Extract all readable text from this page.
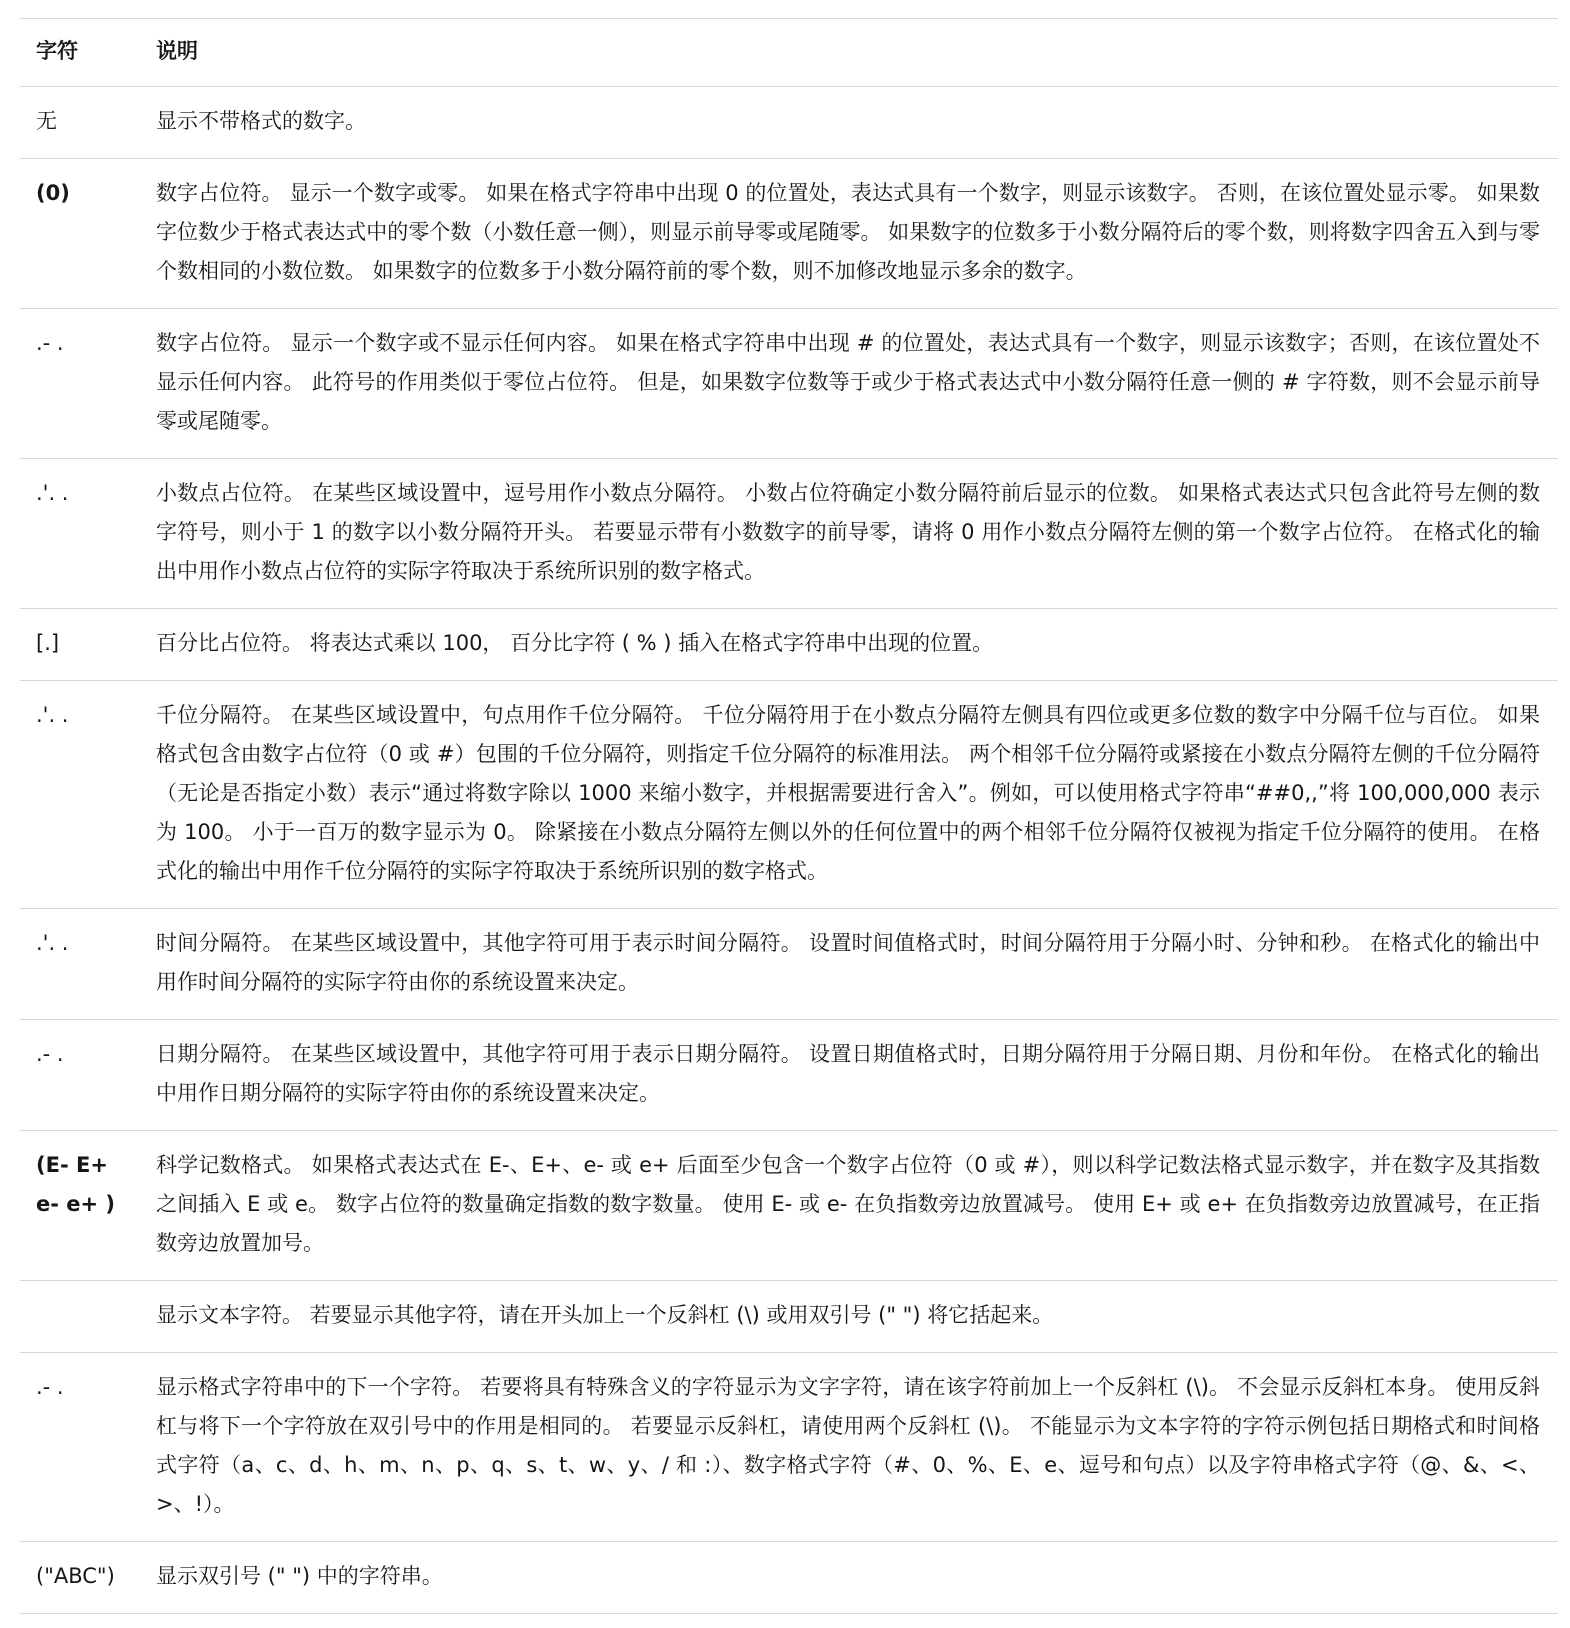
字符	说明
无	显示不带格式的数字。
(0)	数字占位符。 显示一个数字或零。 如果在格式字符串中出现 0 的位置处，表达式具有一个数字，则显示该数字。 否则，在该位置处显示零。 如果数字位数少于格式表达式中的零个数（小数任意一侧），则显示前导零或尾随零。 如果数字的位数多于小数分隔符后的零个数，则将数字四舍五入到与零个数相同的小数位数。 如果数字的位数多于小数分隔符前的零个数，则不加修改地显示多余的数字。
.- .	数字占位符。 显示一个数字或不显示任何内容。 如果在格式字符串中出现 # 的位置处，表达式具有一个数字，则显示该数字；否则，在该位置处不显示任何内容。 此符号的作用类似于零位占位符。 但是，如果数字位数等于或少于格式表达式中小数分隔符任意一侧的 # 字符数，则不会显示前导零或尾随零。
.'. .	小数点占位符。 在某些区域设置中，逗号用作小数点分隔符。 小数占位符确定小数分隔符前后显示的位数。 如果格式表达式只包含此符号左侧的数字符号，则小于 1 的数字以小数分隔符开头。 若要显示带有小数数字的前导零，请将 0 用作小数点分隔符左侧的第一个数字占位符。 在格式化的输出中用作小数点占位符的实际字符取决于系统所识别的数字格式。
[.]	百分比占位符。 将表达式乘以 100， 百分比字符 ( % ) 插入在格式字符串中出现的位置。
.'. .	千位分隔符。 在某些区域设置中，句点用作千位分隔符。 千位分隔符用于在小数点分隔符左侧具有四位或更多位数的数字中分隔千位与百位。 如果格式包含由数字占位符（0 或 #）包围的千位分隔符，则指定千位分隔符的标准用法。 两个相邻千位分隔符或紧接在小数点分隔符左侧的千位分隔符（无论是否指定小数）表示“通过将数字除以 1000 来缩小数字，并根据需要进行舍入”。例如，可以使用格式字符串“##0,,”将 100,000,000 表示为 100。 小于一百万的数字显示为 0。 除紧接在小数点分隔符左侧以外的任何位置中的两个相邻千位分隔符仅被视为指定千位分隔符的使用。 在格式化的输出中用作千位分隔符的实际字符取决于系统所识别的数字格式。
.'. .	时间分隔符。 在某些区域设置中，其他字符可用于表示时间分隔符。 设置时间值格式时，时间分隔符用于分隔小时、分钟和秒。 在格式化的输出中用作时间分隔符的实际字符由你的系统设置来决定。
.- .	日期分隔符。 在某些区域设置中，其他字符可用于表示日期分隔符。 设置日期值格式时，日期分隔符用于分隔日期、月份和年份。 在格式化的输出中用作日期分隔符的实际字符由你的系统设置来决定。
(E- E+
e- e+ )	科学记数格式。 如果格式表达式在 E-、E+、e- 或 e+ 后面至少包含一个数字占位符（0 或 #），则以科学记数法格式显示数字，并在数字及其指数之间插入 E 或 e。 数字占位符的数量确定指数的数字数量。 使用 E- 或 e- 在负指数旁边放置减号。 使用 E+ 或 e+ 在负指数旁边放置减号，在正指数旁边放置加号。
	显示文本字符。 若要显示其他字符，请在开头加上一个反斜杠 (\) 或用双引号 (" ") 将它括起来。
.- .	显示格式字符串中的下一个字符。 若要将具有特殊含义的字符显示为文字字符，请在该字符前加上一个反斜杠 (\)。 不会显示反斜杠本身。 使用反斜杠与将下一个字符放在双引号中的作用是相同的。 若要显示反斜杠，请使用两个反斜杠 (\)。 不能显示为文本字符的字符示例包括日期格式和时间格式字符（a、c、d、h、m、n、p、q、s、t、w、y、/ 和 :）、数字格式字符（#、0、%、E、e、逗号和句点）以及字符串格式字符（@、&、<、>、!）。
("ABC")	显示双引号 (" ") 中的字符串。
